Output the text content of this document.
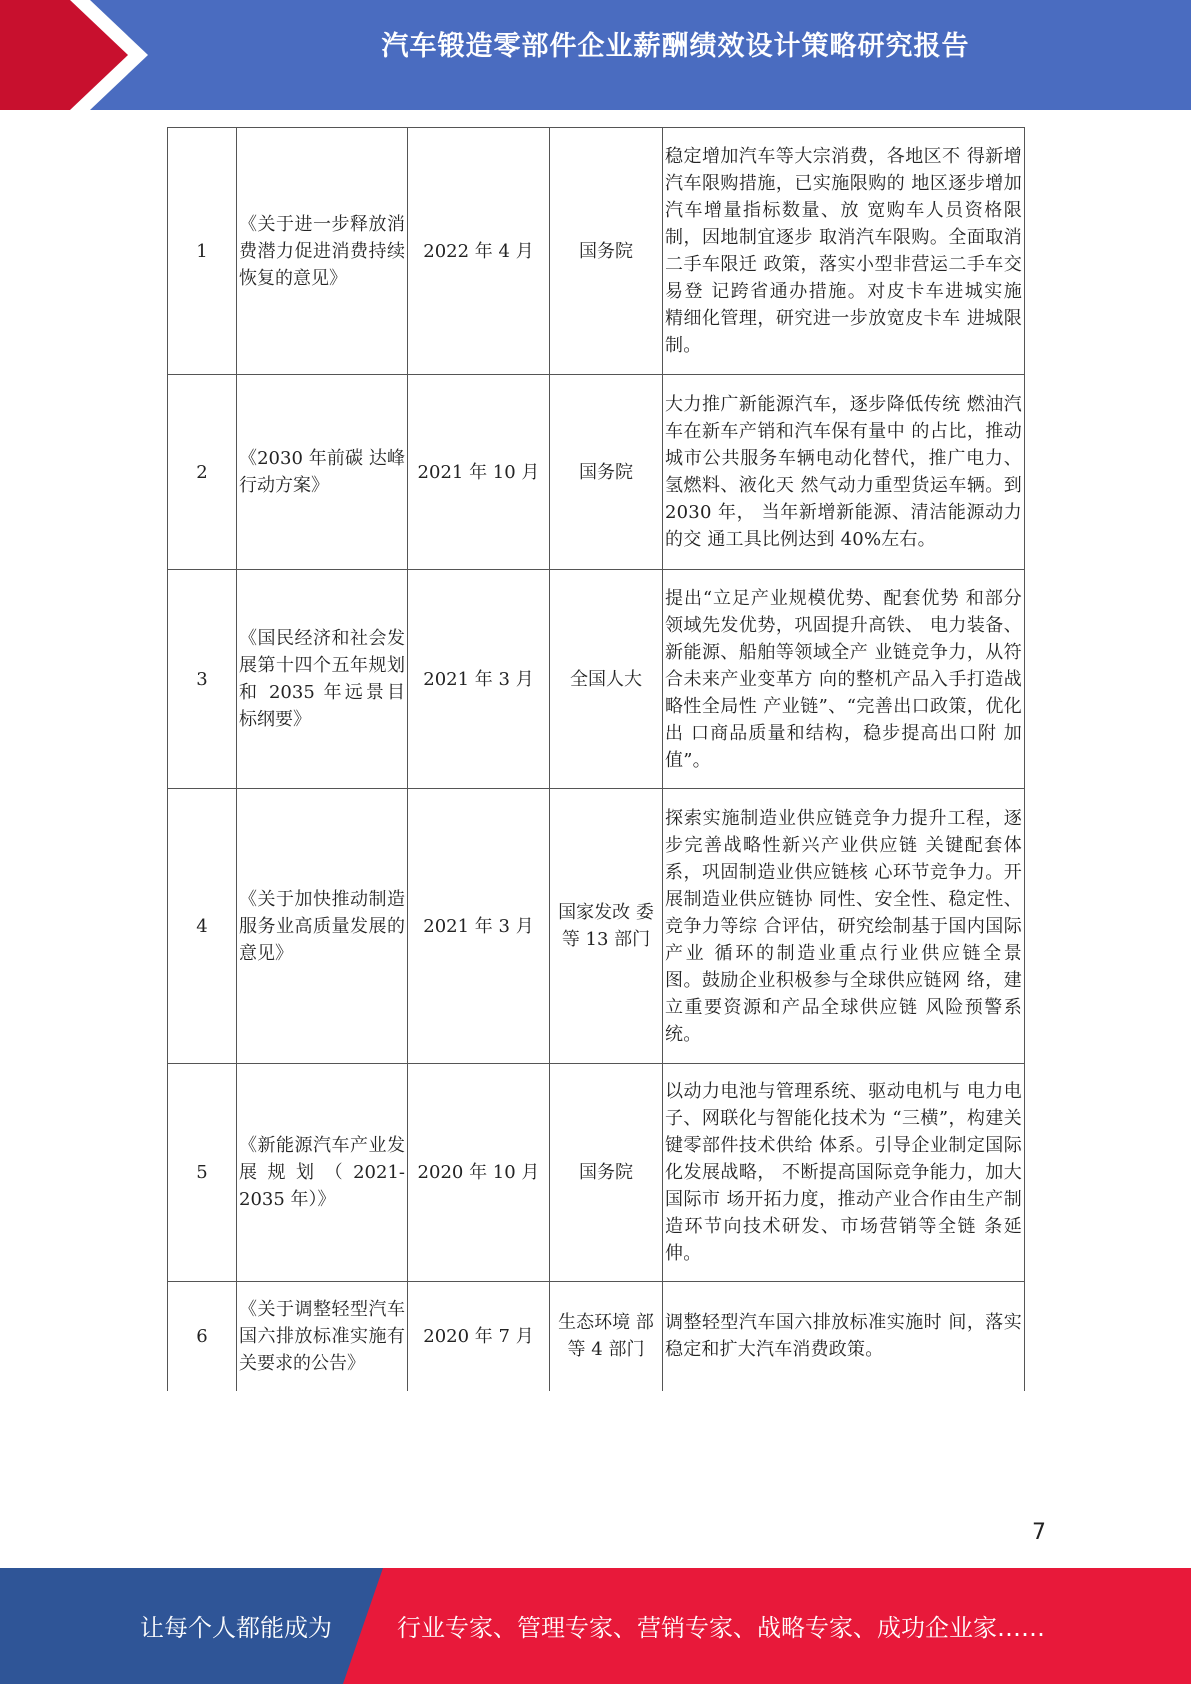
汽车锻造零部件企业薪酬绩效设计策略研究报告
1	《关于进一步释放消费潜力促进消费持续恢复的意见》	2022 年 4 月	国务院	稳定增加汽车等大宗消费，各地区不 得新增汽车限购措施，已实施限购的 地区逐步增加汽车增量指标数量、放 宽购车人员资格限制，因地制宜逐步 取消汽车限购。全面取消二手车限迁 政策，落实小型非营运二手车交易登 记跨省通办措施。对皮卡车进城实施 精细化管理，研究进一步放宽皮卡车 进城限制。
2	《2030 年前碳 达峰行动方案》	2021 年 10 月	国务院	大力推广新能源汽车，逐步降低传统 燃油汽车在新车产销和汽车保有量中 的占比，推动城市公共服务车辆电动化替代，推广电力、氢燃料、液化天 然气动力重型货运车辆。到 2030 年， 当年新增新能源、清洁能源动力的交 通工具比例达到 40%左右。
3	《国民经济和社会发展第十四个五年规划和 2035 年远景目 标纲要》	2021 年 3 月	全国人大	提出“立足产业规模优势、配套优势 和部分领域先发优势，巩固提升高铁、 电力装备、新能源、船舶等领域全产 业链竞争力，从符合未来产业变革方 向的整机产品入手打造战略性全局性 产业链”、“完善出口政策，优化出 口商品质量和结构，稳步提高出口附 加值”。
4	《关于加快推动制造服务业高质量发展的意见》	2021 年 3 月	国家发改 委等 13 部门	探索实施制造业供应链竞争力提升工程，逐步完善战略性新兴产业供应链 关键配套体系，巩固制造业供应链核 心环节竞争力。开展制造业供应链协 同性、安全性、稳定性、竞争力等综 合评估，研究绘制基于国内国际产业 循环的制造业重点行业供应链全景 图。鼓励企业积极参与全球供应链网 络，建立重要资源和产品全球供应链 风险预警系统。
5	《新能源汽车产业发展规划（2021-2035 年）》	2020 年 10 月	国务院	以动力电池与管理系统、驱动电机与 电力电子、网联化与智能化技术为 “三横”，构建关键零部件技术供给 体系。引导企业制定国际化发展战略， 不断提高国际竞争能力，加大国际市 场开拓力度，推动产业合作由生产制 造环节向技术研发、市场营销等全链 条延伸。
6	《关于调整轻型汽车国六排放标准实施有关要求的公告》	2020 年 7 月	生态环境 部等 4 部门	调整轻型汽车国六排放标准实施时 间，落实稳定和扩大汽车消费政策。
7
让每个人都能成为	行业专家、管理专家、营销专家、战略专家、成功企业家……
